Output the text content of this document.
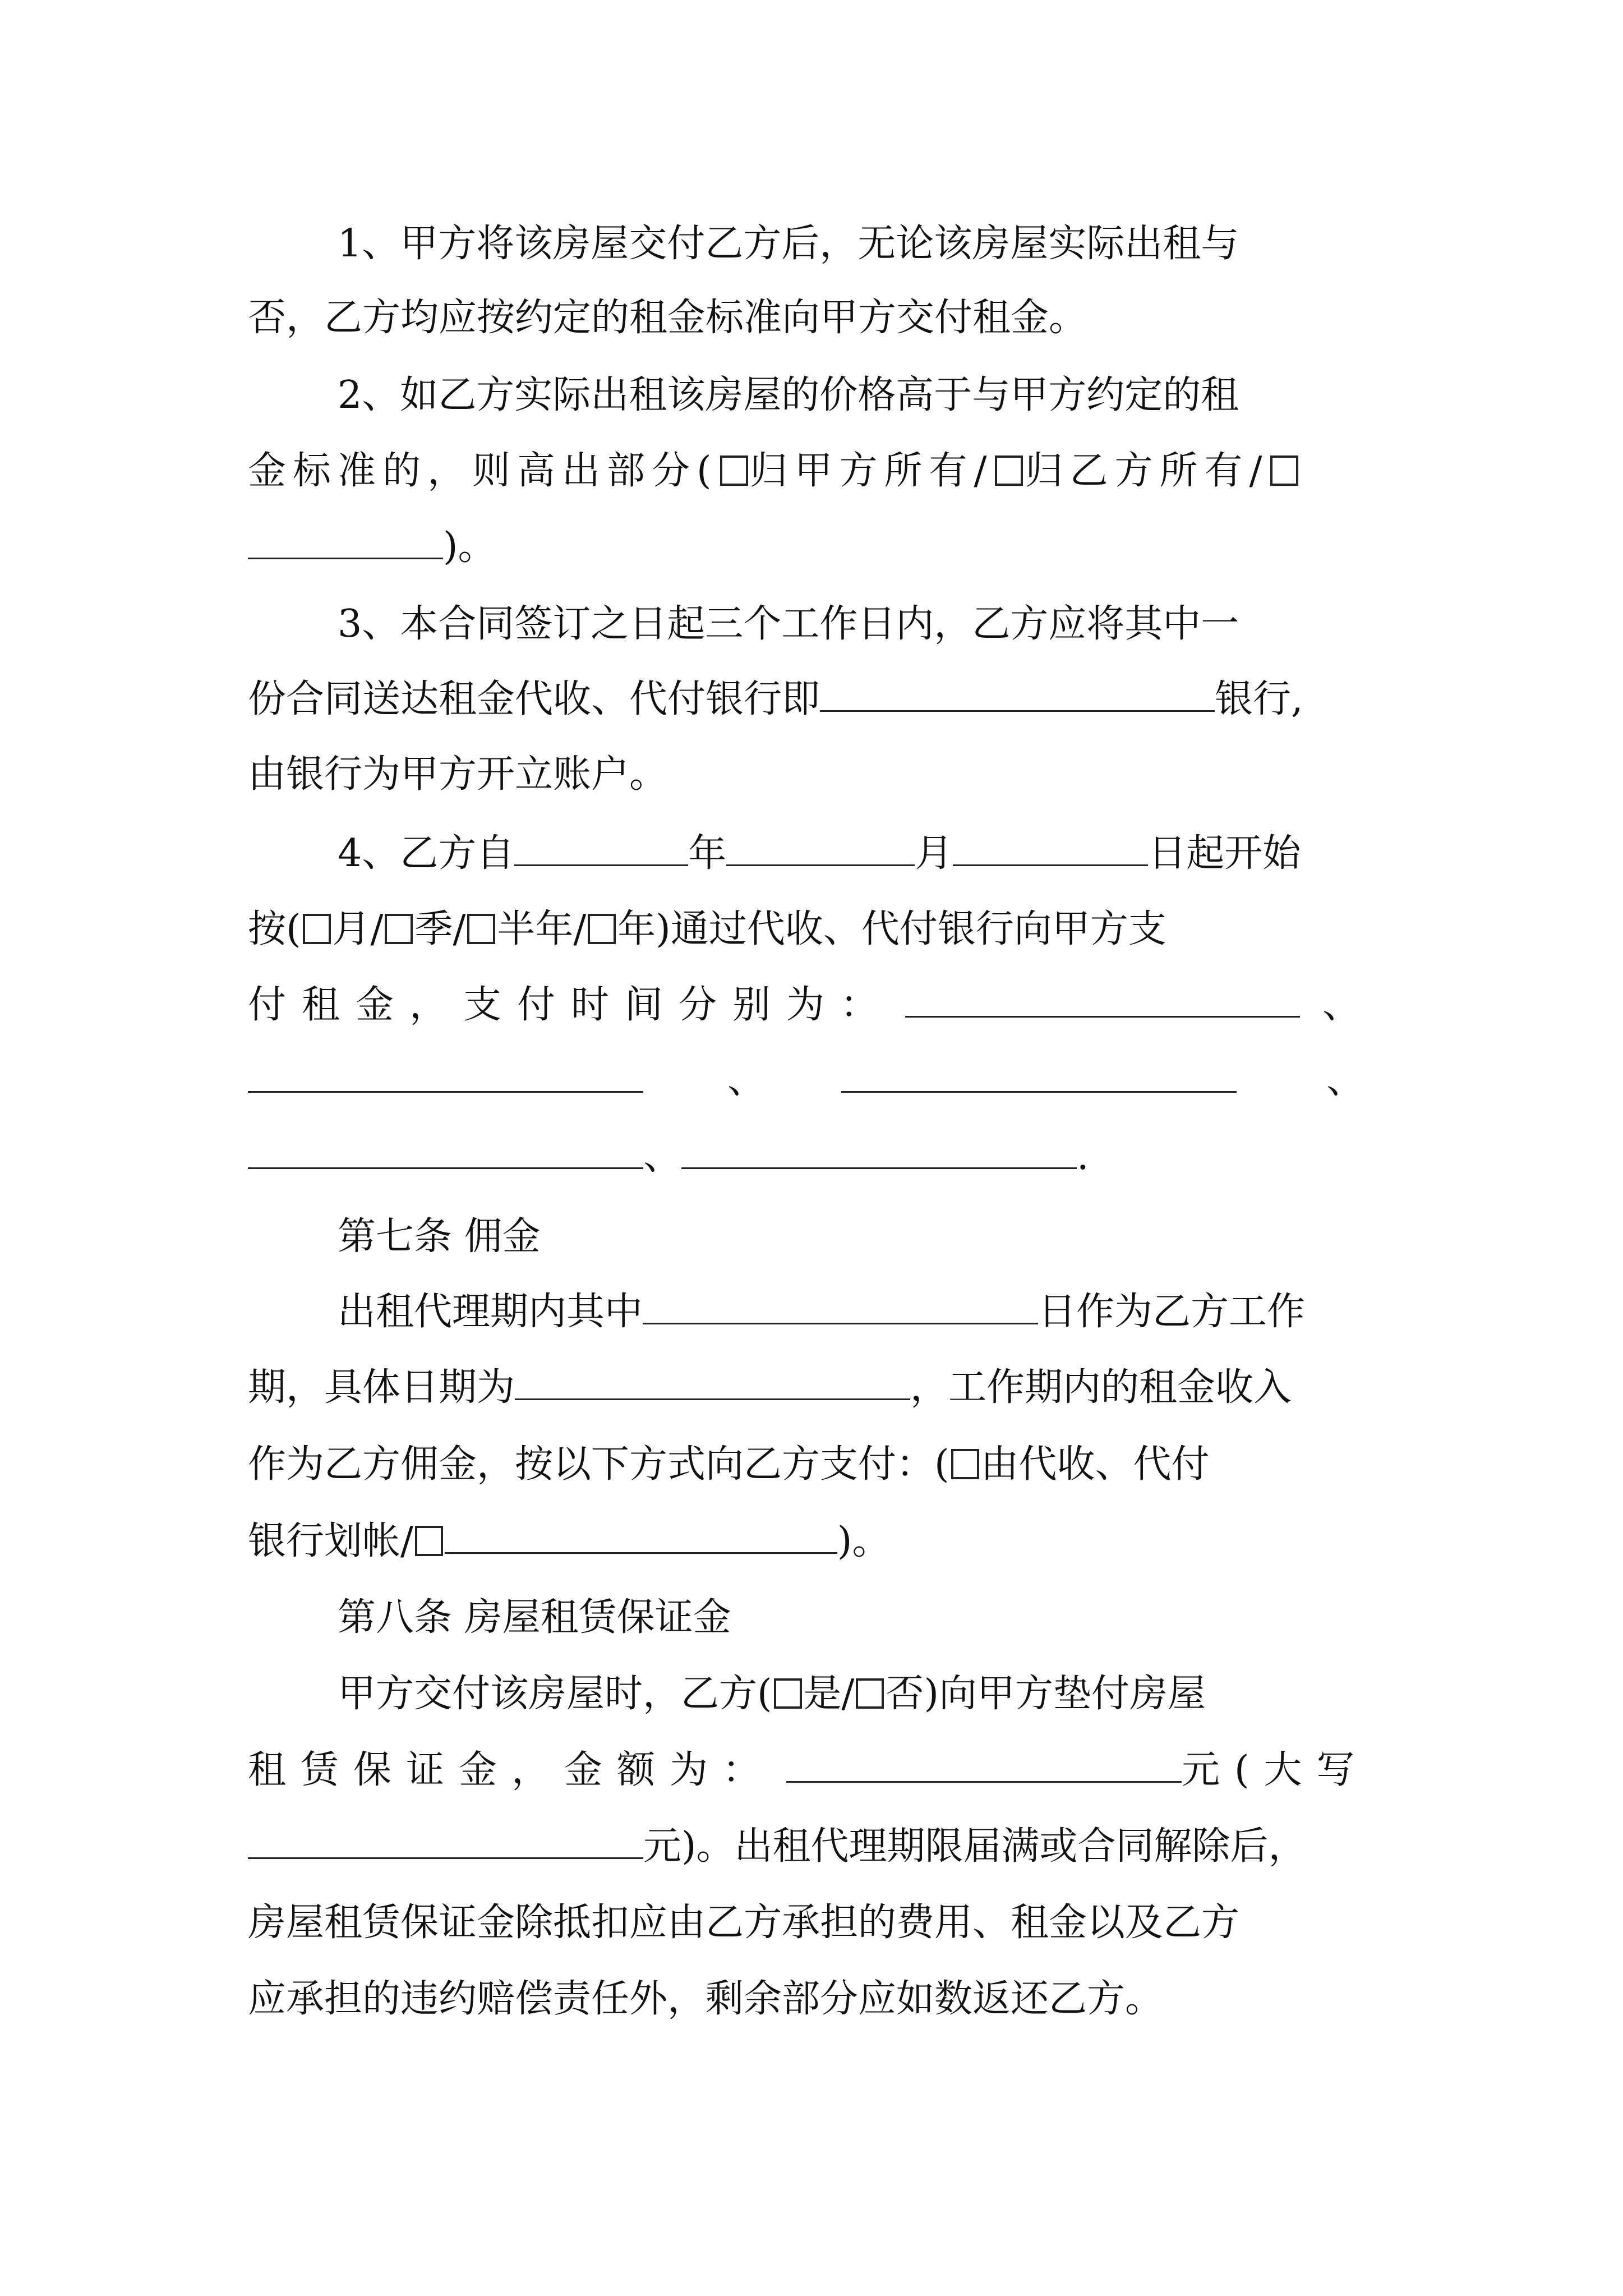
1、甲方将该房屋交付乙方后，无论该房屋实际出租与
否，乙方均应按约定的租金标准向甲方交付租金。
2、如乙方实际出租该房屋的价格高于与甲方约定的租
金标准的，则高出部分( 归甲方所有/ 归乙方所有/
)。
3、本合同签订之日起三个工作日内，乙方应将其中一
份合同送达租金代收、代付银行即	银行,
由银行为甲方开立账户。
4、乙方自	年	月	日起开始
按( 月/ 季/ 半年/ 年)通过代收、代付银行向甲方支
付租金，支付时间分别为：	、
、	、
、	.
第七条 佣金
出租代理期内其中	日作为乙方工作
期，具体日期为	，工作期内的租金收入
作为乙方佣金，按以下方式向乙方支付：( 由代收、代付
银行划帐/	)。
第八条 房屋租赁保证金
甲方交付该房屋时，乙方( 是/ 否)向甲方垫付房屋
租赁保证金，金额为：	元(大写
元)。出租代理期限届满或合同解除后，
房屋租赁保证金除抵扣应由乙方承担的费用、租金以及乙方
应承担的违约赔偿责任外，剩余部分应如数返还乙方。
